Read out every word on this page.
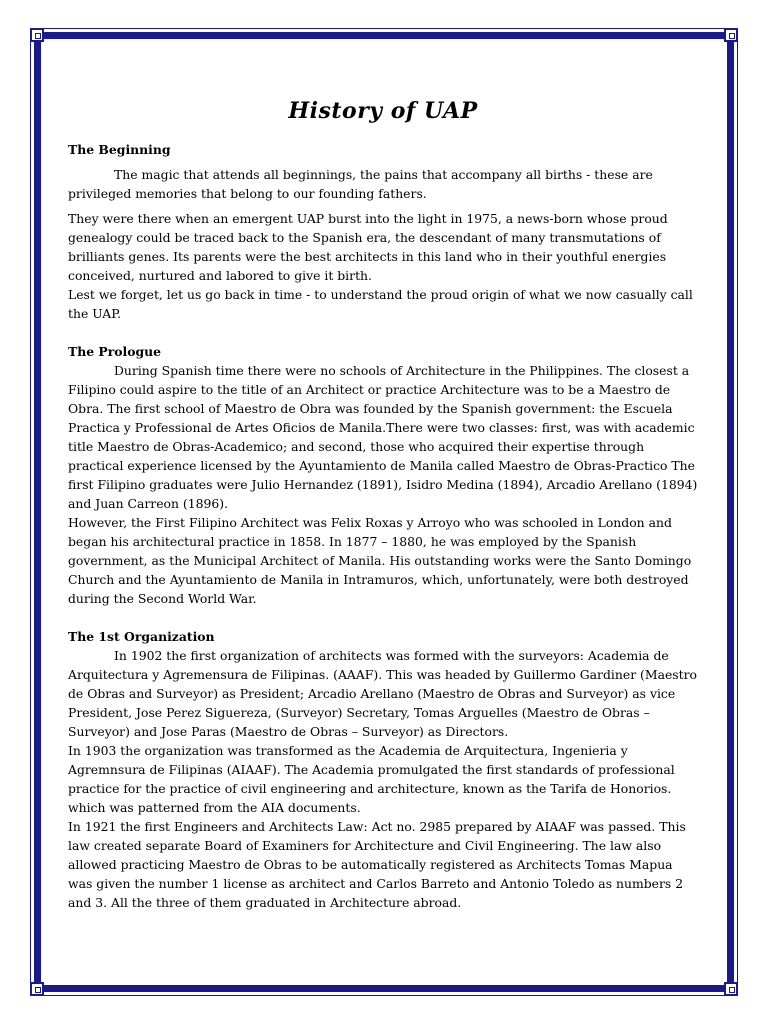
History of UAP

The Beginning

The magic that attends all beginnings, the pains that accompany all births - these are privileged memories that belong to our founding fathers.

They were there when an emergent UAP burst into the light in 1975, a news-born whose proud genealogy could be traced back to the Spanish era, the descendant of many transmutations of brilliants genes. Its parents were the best architects in this land who in their youthful energies conceived, nurtured and labored to give it birth.

Lest we forget, let us go back in time - to understand the proud origin of what we now casually call the UAP.

The Prologue

During Spanish time there were no schools of Architecture in the Philippines. The closest a Filipino could aspire to the title of an Architect or practice Architecture was to be a Maestro de Obra. The first school of Maestro de Obra was founded by the Spanish government: the Escuela Practica y Professional de Artes Oficios de Manila.There were two classes: first, was with academic title Maestro de Obras-Academico; and second, those who acquired their expertise through practical experience licensed by the Ayuntamiento de Manila called Maestro de Obras-Practico The first Filipino graduates were Julio Hernandez (1891), Isidro Medina (1894), Arcadio Arellano (1894) and Juan Carreon (1896).

However, the First Filipino Architect was Felix Roxas y Arroyo who was schooled in London and began his architectural practice in 1858. In 1877 – 1880, he was employed by the Spanish government, as the Municipal Architect of Manila. His outstanding works were the Santo Domingo Church and the Ayuntamiento de Manila in Intramuros, which, unfortunately, were both destroyed during the Second World War.

The 1st Organization

In 1902 the first organization of architects was formed with the surveyors: Academia de Arquitectura y Agremensura de Filipinas. (AAAF). This was headed by Guillermo Gardiner (Maestro de Obras and Surveyor) as President; Arcadio Arellano (Maestro de Obras and Surveyor) as vice President, Jose Perez Siguereza, (Surveyor) Secretary, Tomas Arguelles (Maestro de Obras – Surveyor) and Jose Paras (Maestro de Obras – Surveyor) as Directors.

In 1903 the organization was transformed as the Academia de Arquitectura, Ingenieria y Agremnsura de Filipinas (AIAAF). The Academia promulgated the first standards of professional practice for the practice of civil engineering and architecture, known as the Tarifa de Honorios. which was patterned from the AIA documents.

In 1921 the first Engineers and Architects Law: Act no. 2985 prepared by AIAAF was passed. This law created separate Board of Examiners for Architecture and Civil Engineering. The law also allowed practicing Maestro de Obras to be automatically registered as Architects Tomas Mapua was given the number 1 license as architect and Carlos Barreto and Antonio Toledo as numbers 2 and 3. All the three of them graduated in Architecture abroad.
